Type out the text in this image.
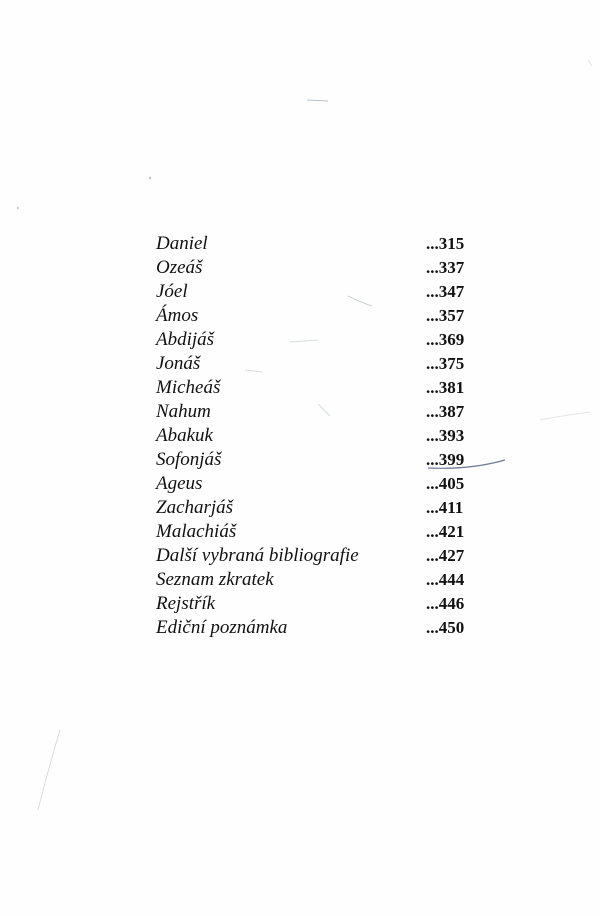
Daniel	...315
Ozeáš	...337
Jóel	...347
Ámos	...357
Abdijáš	...369
Jonáš	...375
Micheáš	...381
Nahum	...387
Abakuk	...393
Sofonjáš	...399
Ageus	...405
Zacharjáš	...411
Malachiáš	...421
Další vybraná bibliografie	...427
Seznam zkratek	...444
Rejstřík	...446
Ediční poznámka	...450
